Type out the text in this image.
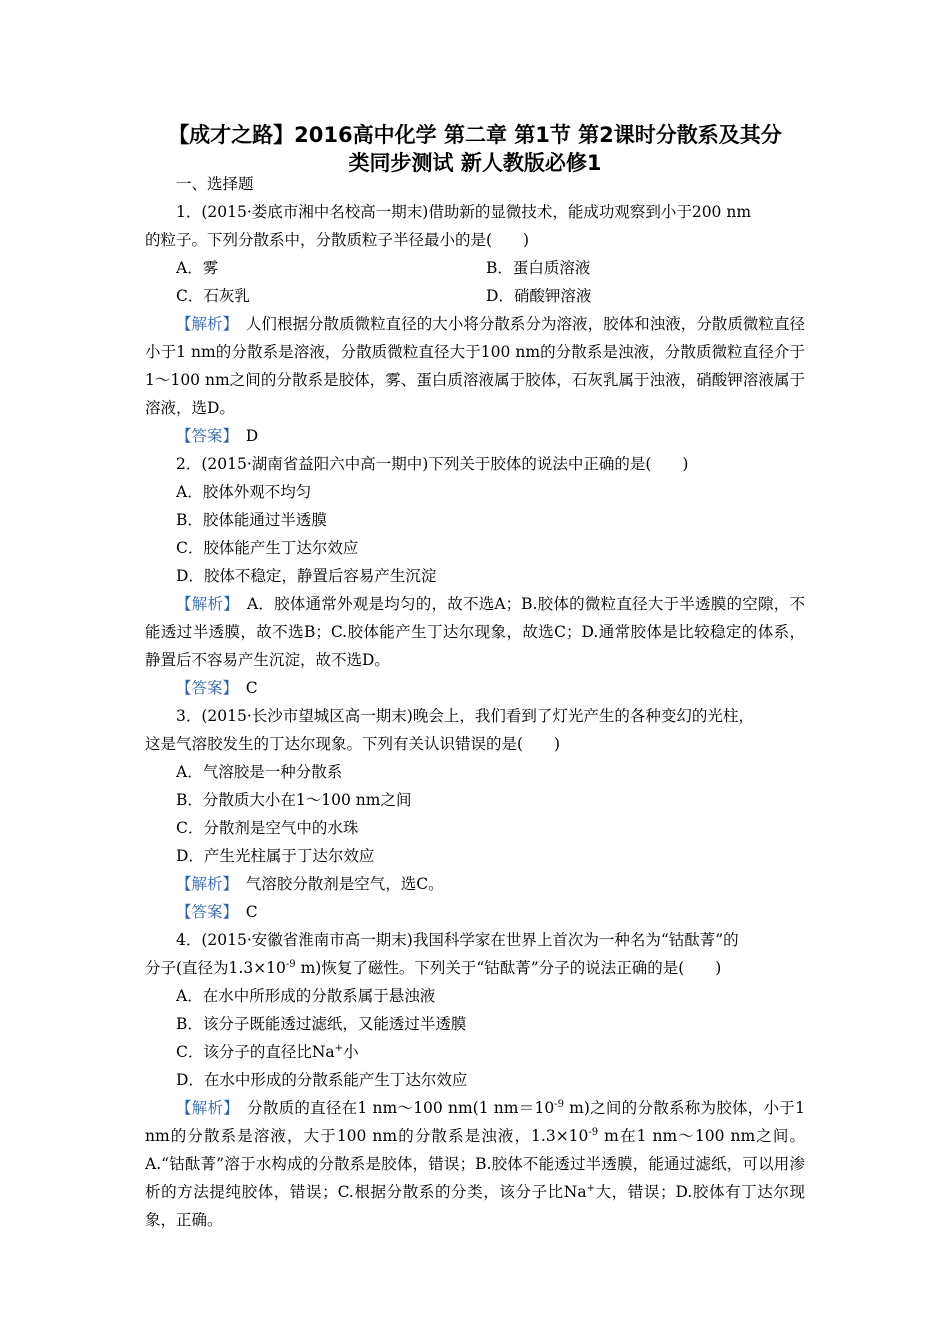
【成才之路】2016高中化学 第二章 第1节 第2课时分散系及其分
类同步测试 新人教版必修1
一、选择题
1．(2015·娄底市湘中名校高一期末)借助新的显微技术，能成功观察到小于200 nm
的粒子。下列分散系中，分散质粒子半径最小的是(　　)
A．雾	B．蛋白质溶液
C．石灰乳	D．硝酸钾溶液

【解析】　 人们根据分散质微粒直径的大小将分散系分为溶液，胶体和浊液，分散质微粒直径小于1 nm的分散系是溶液，分散质微粒直径大于100 nm的分散系是浊液，分散质微粒直径介于1～100 nm之间的分散系是胶体，雾、蛋白质溶液属于胶体，石灰乳属于浊液，硝酸钾溶液属于溶液，选D。

【答案】　 D
2．(2015·湖南省益阳六中高一期中)下列关于胶体的说法中正确的是(　　)
A．胶体外观不均匀
B．胶体能通过半透膜
C．胶体能产生丁达尔效应
D．胶体不稳定，静置后容易产生沉淀

【解析】　 A．胶体通常外观是均匀的，故不选A；B.胶体的微粒直径大于半透膜的空隙，不能透过半透膜，故不选B；C.胶体能产生丁达尔现象，故选C；D.通常胶体是比较稳定的体系，静置后不容易产生沉淀，故不选D。

【答案】　 C
3．(2015·长沙市望城区高一期末)晚会上，我们看到了灯光产生的各种变幻的光柱，
这是气溶胶发生的丁达尔现象。下列有关认识错误的是(　　)
A．气溶胶是一种分散系
B．分散质大小在1～100 nm之间
C．分散剂是空气中的水珠
D．产生光柱属于丁达尔效应
【解析】　 气溶胶分散剂是空气，选C。
【答案】　 C
4．(2015·安徽省淮南市高一期末)我国科学家在世界上首次为一种名为“钴酞菁”的
分子(直径为$1.3\times 10^{-9}$ m)恢复了磁性。下列关于“钴酞菁”分子的说法正确的是(　　)
A．在水中所形成的分散系属于悬浊液
B．该分子既能透过滤纸，又能透过半透膜
C．该分子的直径比Na+小
D．在水中形成的分散系能产生丁达尔效应

【解析】　 分散质的直径在1 nm～100 nm(1 $nm=10^{-9}$ m)之间的分散系称为胶体，小于1 nm的分散系是溶液，大于100 nm的分散系是浊液，$1.3\times 10^{-9}$ m在1 nm～100 nm之间。A.“钴酞菁”溶于水构成的分散系是胶体，错误；B.胶体不能透过半透膜，能通过滤纸，可以用渗析的方法提纯胶体，错误；C.根据分散系的分类，该分子比Na+大，错误；D.胶体有丁达尔现象，正确。
